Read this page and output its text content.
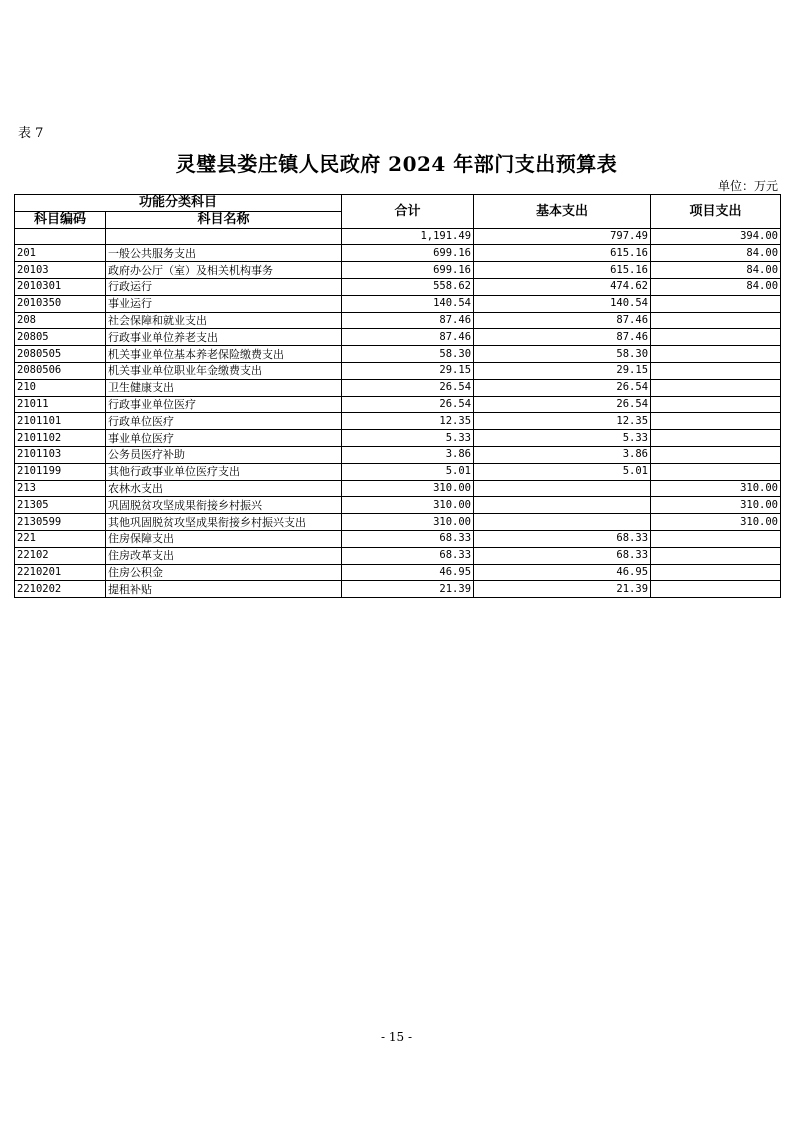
表 7
灵璧县娄庄镇人民政府 2024 年部门支出预算表
单位：万元
功能分类科目		合计	基本支出	项目支出
科目编码	科目名称			
		1,191.49	797.49	394.00
201	一般公共服务支出	699.16	615.16	84.00
20103	政府办公厅（室）及相关机构事务	699.16	615.16	84.00
2010301	行政运行	558.62	474.62	84.00
2010350	事业运行	140.54	140.54	
208	社会保障和就业支出	87.46	87.46	
20805	行政事业单位养老支出	87.46	87.46	
2080505	机关事业单位基本养老保险缴费支出	58.30	58.30	
2080506	机关事业单位职业年金缴费支出	29.15	29.15	
210	卫生健康支出	26.54	26.54	
21011	行政事业单位医疗	26.54	26.54	
2101101	行政单位医疗	12.35	12.35	
2101102	事业单位医疗	5.33	5.33	
2101103	公务员医疗补助	3.86	3.86	
2101199	其他行政事业单位医疗支出	5.01	5.01	
213	农林水支出	310.00		310.00
21305	巩固脱贫攻坚成果衔接乡村振兴	310.00		310.00
2130599	其他巩固脱贫攻坚成果衔接乡村振兴支出	310.00		310.00
221	住房保障支出	68.33	68.33	
22102	住房改革支出	68.33	68.33	
2210201	住房公积金	46.95	46.95	
2210202	提租补贴	21.39	21.39	
- 15 -
